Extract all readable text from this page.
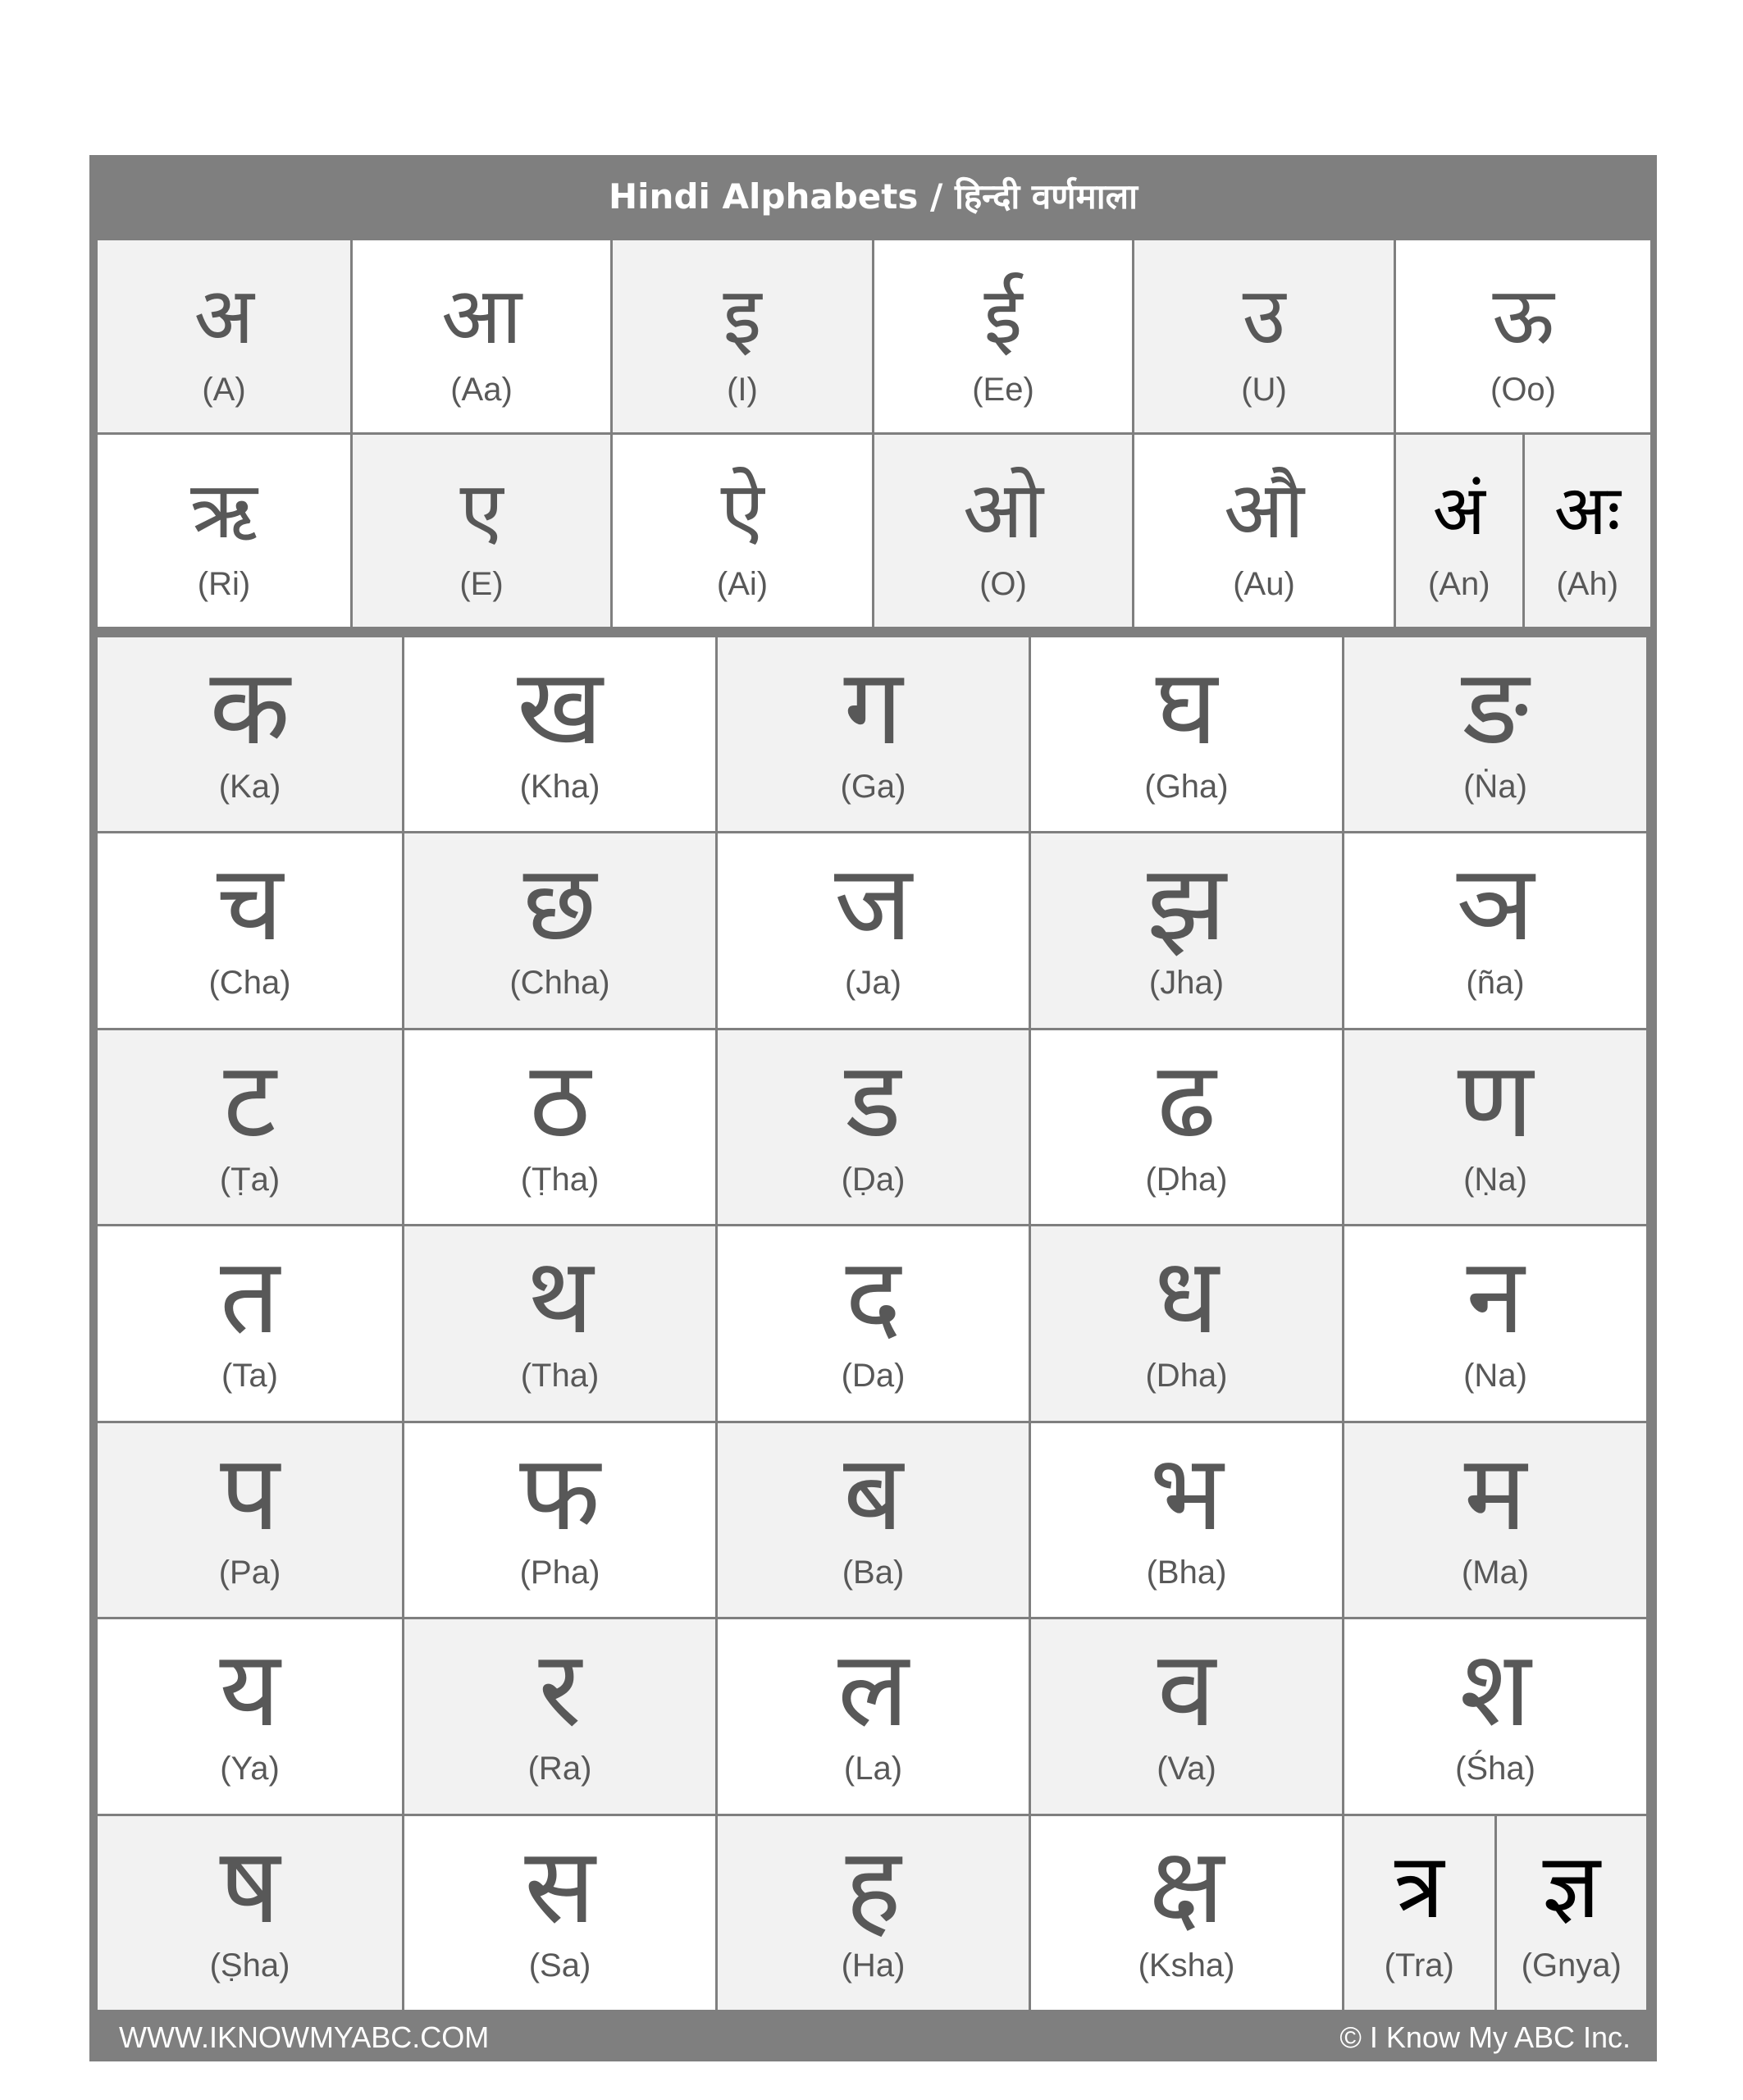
Hindi Alphabets / हिन्दी वर्णमाला
अ
(A)
आ
(Aa)
इ
(I)
ई
(Ee)
उ
(U)
ऊ
(Oo)
ऋ
(Ri)
ए
(E)
ऐ
(Ai)
ओ
(O)
औ
(Au)
अं
(An)
अः
(Ah)
क
(Ka)
ख
(Kha)
ग
(Ga)
घ
(Gha)
ङ
(Ṅa)
च
(Cha)
छ
(Chha)
ज
(Ja)
झ
(Jha)
ञ
(ña)
ट
(Ṭa)
ठ
(Ṭha)
ड
(Ḍa)
ढ
(Ḍha)
ण
(Ṇa)
त
(Ta)
थ
(Tha)
द
(Da)
ध
(Dha)
न
(Na)
प
(Pa)
फ
(Pha)
ब
(Ba)
भ
(Bha)
म
(Ma)
य
(Ya)
र
(Ra)
ल
(La)
व
(Va)
श
(Śha)
ष
(Ṣha)
स
(Sa)
ह
(Ha)
क्ष
(Ksha)
त्र
(Tra)
ज्ञ
(Gnya)
WWW.IKNOWMYABC.COM	© I Know My ABC Inc.
